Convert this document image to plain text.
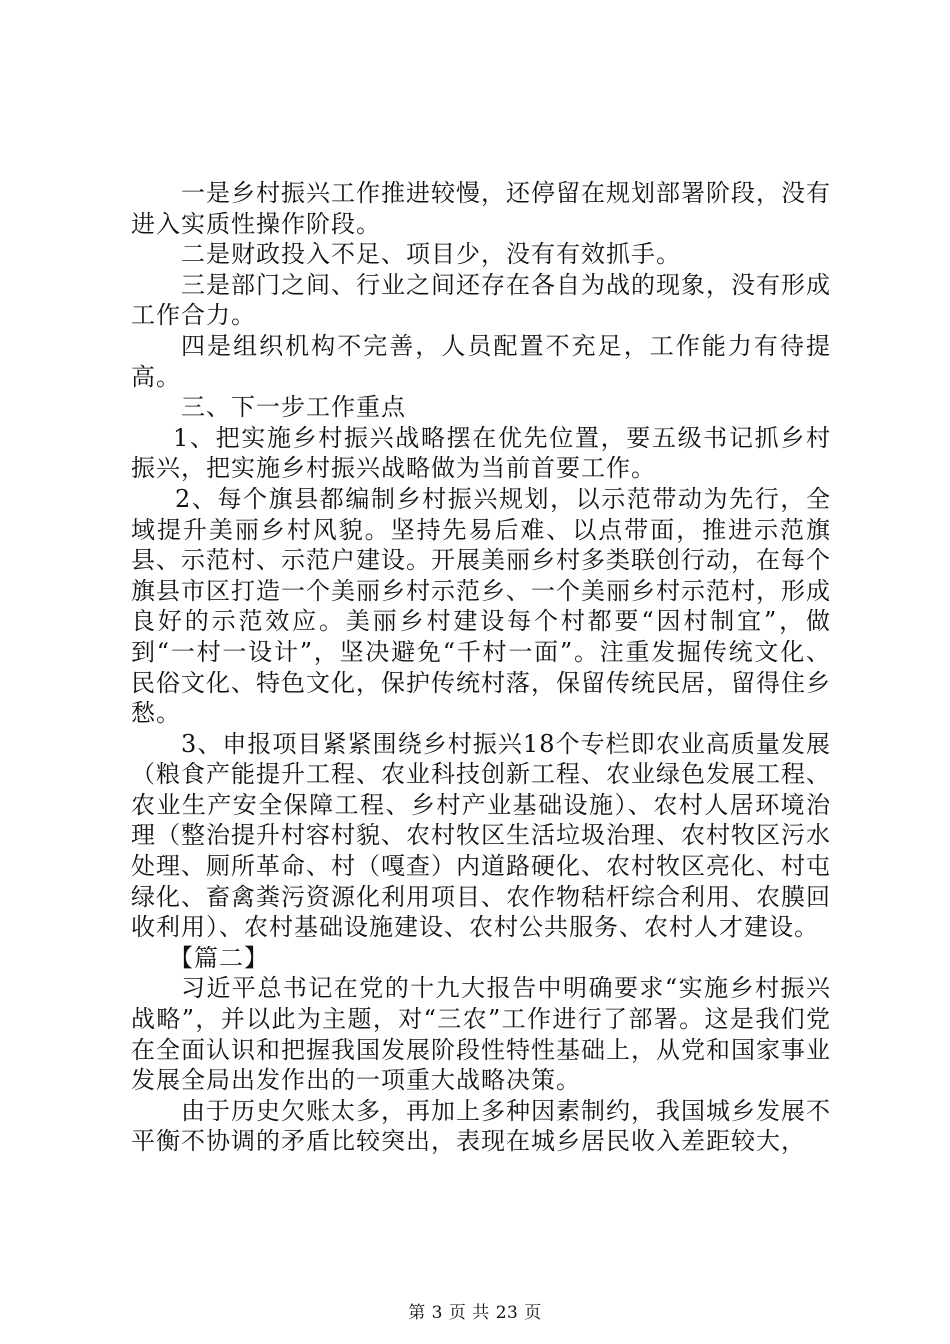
一是乡村振兴工作推进较慢，还停留在规划部署阶段，没有进入实质性操作阶段。

二是财政投入不足、项目少，没有有效抓手。

三是部门之间、行业之间还存在各自为战的现象，没有形成工作合力。

四是组织机构不完善，人员配置不充足，工作能力有待提高。

三、下一步工作重点

1、把实施乡村振兴战略摆在优先位置，要五级书记抓乡村振兴，把实施乡村振兴战略做为当前首要工作。

2、每个旗县都编制乡村振兴规划，以示范带动为先行，全域提升美丽乡村风貌。坚持先易后难、以点带面，推进示范旗县、示范村、示范户建设。开展美丽乡村多类联创行动，在每个旗县市区打造一个美丽乡村示范乡、一个美丽乡村示范村，形成良好的示范效应。美丽乡村建设每个村都要“因村制宜”，做到“一村一设计”，坚决避免“千村一面”。注重发掘传统文化、民俗文化、特色文化，保护传统村落，保留传统民居，留得住乡愁。

3、申报项目紧紧围绕乡村振兴18个专栏即农业高质量发展（粮食产能提升工程、农业科技创新工程、农业绿色发展工程、农业生产安全保障工程、乡村产业基础设施）、农村人居环境治理（整治提升村容村貌、农村牧区生活垃圾治理、农村牧区污水处理、厕所革命、村（嘎查）内道路硬化、农村牧区亮化、村屯绿化、畜禽粪污资源化利用项目、农作物秸杆综合利用、农膜回收利用）、农村基础设施建设、农村公共服务、农村人才建设。

【篇二】

习近平总书记在党的十九大报告中明确要求“实施乡村振兴战略”，并以此为主题，对“三农”工作进行了部署。这是我们党在全面认识和把握我国发展阶段性特性基础上，从党和国家事业发展全局出发作出的一项重大战略决策。

由于历史欠账太多，再加上多种因素制约，我国城乡发展不平衡不协调的矛盾比较突出，表现在城乡居民收入差距较大，

第 3 页 共 23 页
